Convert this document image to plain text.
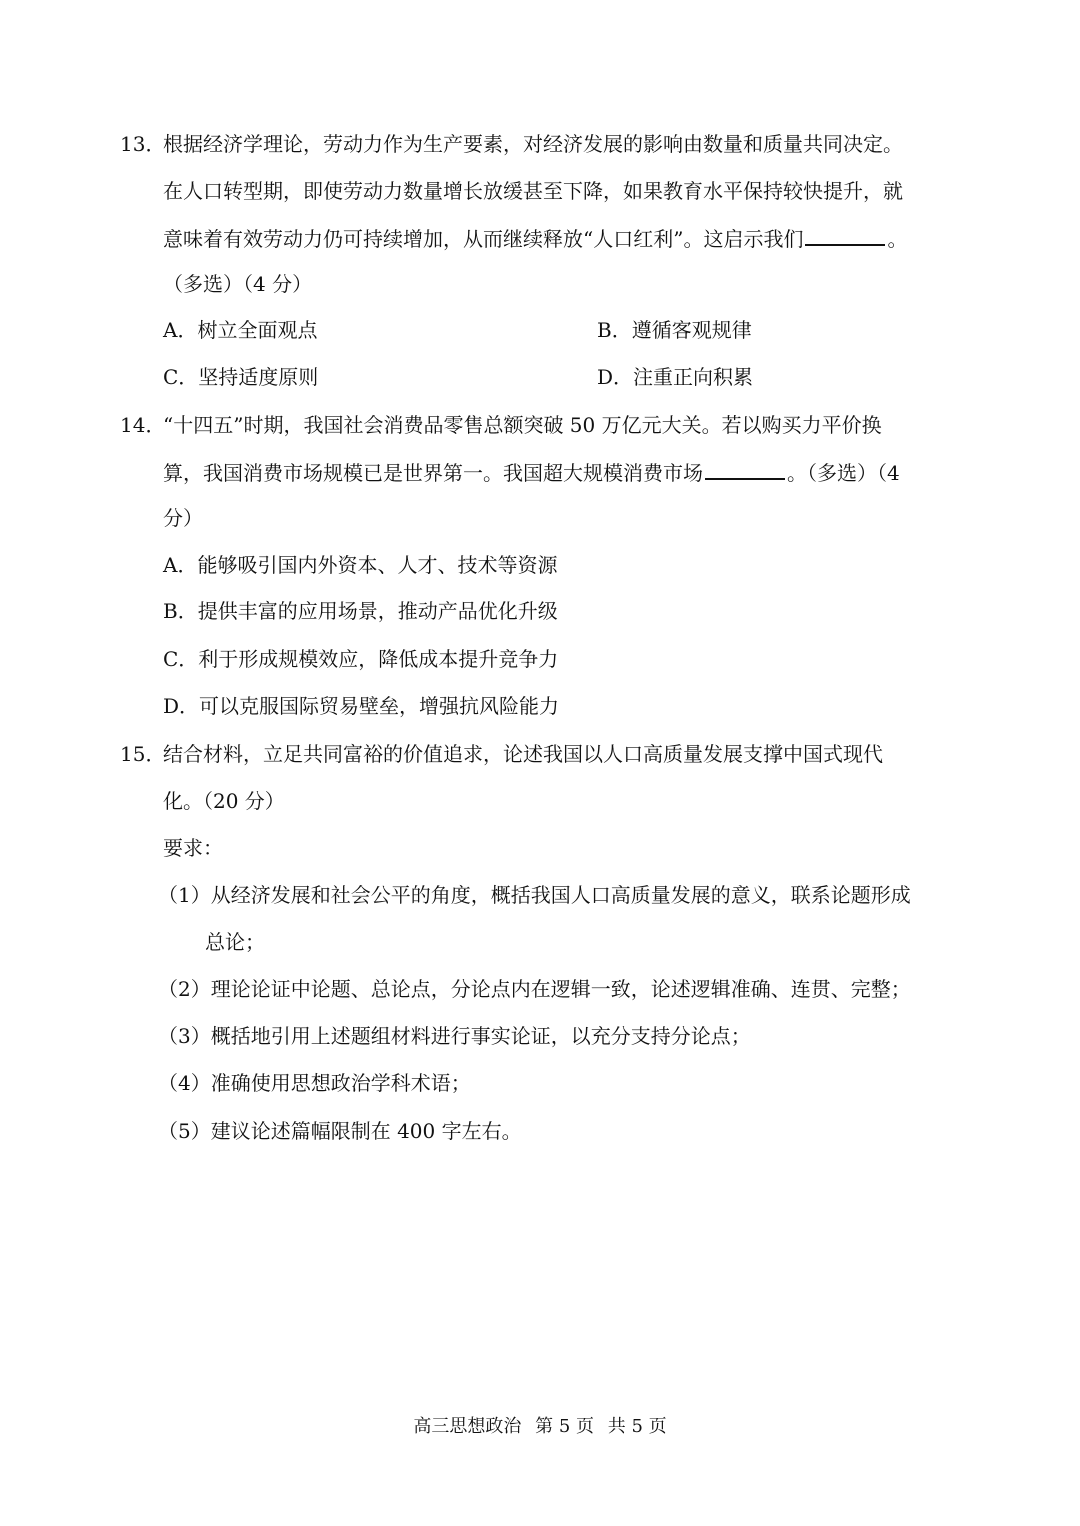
13．
根据经济学理论，劳动力作为生产要素，对经济发展的影响由数量和质量共同决定。
在人口转型期，即使劳动力数量增长放缓甚至下降，如果教育水平保持较快提升，就
意味着有效劳动力仍可持续增加，从而继续释放“人口红利”。这启示我们	。
（多选）（4 分）
A．树立全面观点	B．遵循客观规律
C．坚持适度原则	D．注重正向积累
14．
“十四五”时期，我国社会消费品零售总额突破 50 万亿元大关。若以购买力平价换
算，我国消费市场规模已是世界第一。我国超大规模消费市场	。（多选）（4
分）
A．能够吸引国内外资本、人才、技术等资源
B．提供丰富的应用场景，推动产品优化升级
C．利于形成规模效应，降低成本提升竞争力
D．可以克服国际贸易壁垒，增强抗风险能力
15．
结合材料，立足共同富裕的价值追求，论述我国以人口高质量发展支撑中国式现代
化。（20 分）
要求：
（1）从经济发展和社会公平的角度，概括我国人口高质量发展的意义，联系论题形成
总论；
（2）理论论证中论题、总论点，分论点内在逻辑一致，论述逻辑准确、连贯、完整；
（3）概括地引用上述题组材料进行事实论证，以充分支持分论点；
（4）准确使用思想政治学科术语；
（5）建议论述篇幅限制在 400 字左右。
高三思想政治 第 5 页 共 5 页
